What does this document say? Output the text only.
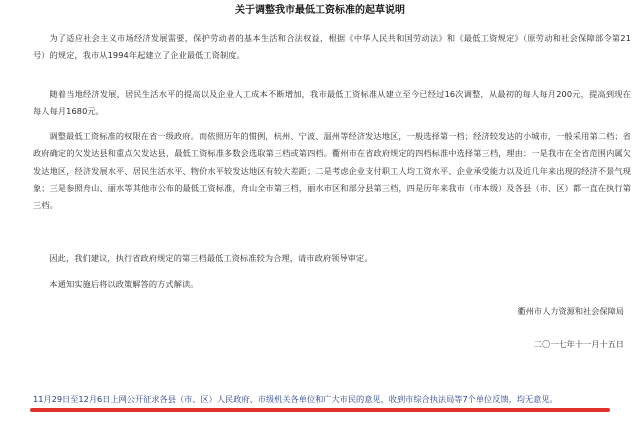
关于调整我市最低工资标准的起草说明

为了适应社会主义市场经济发展需要，保护劳动者的基本生活和合法权益，根据《中华人民共和国劳动法》和《最低工资规定》（原劳动和社会保障部令第21号）的规定，我市从1994年起建立了企业最低工资制度。

随着当地经济发展，居民生活水平的提高以及企业人工成本不断增加，我市最低工资标准从建立至今已经过16次调整，从最初的每人每月200元，提高到现在每人每月1680元。

调整最低工资标准的权限在省一级政府。而依照历年的惯例，杭州、宁波、温州等经济发达地区，一般选择第一档；经济较发达的小城市，一般采用第二档；省政府确定的欠发达县和重点欠发达县，最低工资标准多数会选取第三档或第四档。衢州市在省政府规定的四档标准中选择第三档，理由：一是我市在全省范围内属欠发达地区，经济发展水平、居民生活水平、物价水平较发达地区有较大差距；二是考虑企业支付职工人均工资水平、企业承受能力以及近几年来出现的经济不景气现象；三是参照舟山、丽水等其他市公布的最低工资标准，舟山全市第三档，丽水市区和部分县第三档，四是历年来我市（市本级）及各县（市、区）都一直在执行第三档。

因此，我们建议，执行省政府规定的第三档最低工资标准较为合理，请市政府领导审定。

本通知实施后将以政策解答的方式解读。

衢州市人力资源和社会保障局
二〇一七年十一月十五日
11月29日至12月6日上网公开征求各县（市、区）人民政府、市级机关各单位和广大市民的意见，收到市综合执法局等7个单位反馈，均无意见。
